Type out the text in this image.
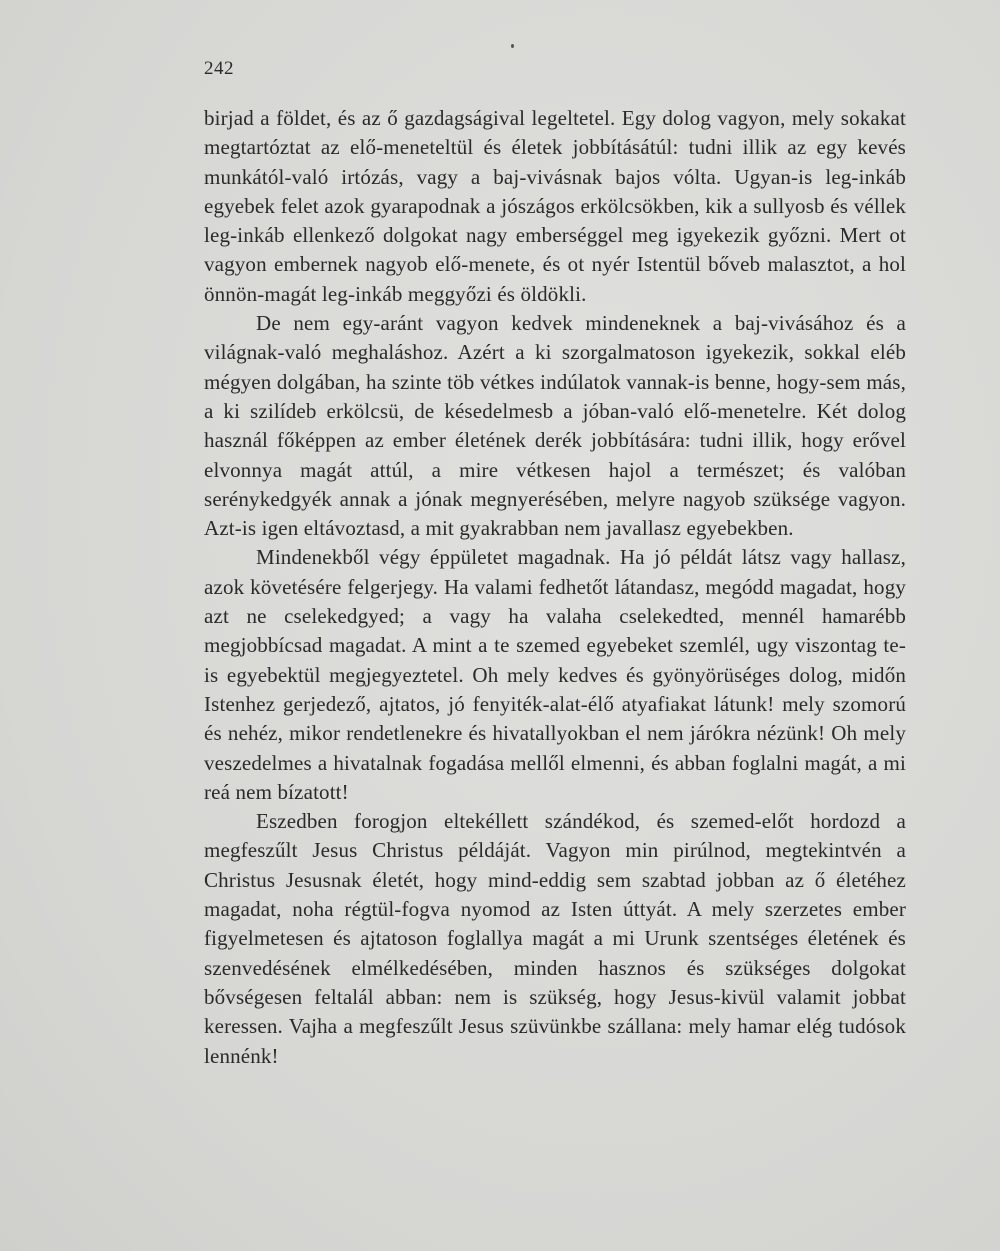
242

birjad a földet, és az ő gazdagságival legeltetel. Egy dolog vagyon, mely sokakat megtartóztat az elő-meneteltül és életek jobbításátúl: tudni illik az egy kevés munkától-való irtózás, vagy a baj-vivásnak bajos vólta. Ugyan-is leg-inkáb egyebek felet azok gyarapodnak a jószágos erkölcsökben, kik a sullyosb és véllek leg-inkáb ellenkező dolgokat nagy emberséggel meg igyekezik győzni. Mert ot vagyon embernek nagyob elő-menete, és ot nyér Istentül bőveb malasztot, a hol önnön-magát leg-inkáb meggyőzi és öldökli.

De nem egy-aránt vagyon kedvek mindeneknek a baj-vivásához és a világnak-való meghaláshoz. Azért a ki szorgalmatoson igyekezik, sokkal eléb mégyen dolgában, ha szinte töb vétkes indúlatok vannak-is benne, hogy-sem más, a ki szilídeb erkölcsü, de késedelmesb a jóban-való elő-menetelre. Két dolog használ főképpen az ember életének derék jobbítására: tudni illik, hogy erővel elvonnya magát attúl, a mire vétkesen hajol a természet; és valóban serénykedgyék annak a jónak megnyerésében, melyre nagyob szüksége vagyon. Azt-is igen eltávoztasd, a mit gyakrabban nem javallasz egyebekben.

Mindenekből végy éppületet magadnak. Ha jó példát látsz vagy hallasz, azok követésére felgerjegy. Ha valami fedhetőt látandasz, megódd magadat, hogy azt ne cselekedgyed; a vagy ha valaha cselekedted, mennél hamarébb megjobbícsad magadat. A mint a te szemed egyebeket szemlél, ugy viszontag te-is egyebektül megjegyeztetel. Oh mely kedves és gyönyörüséges dolog, midőn Istenhez gerjedező, ajtatos, jó fenyiték-alat-élő atyafiakat látunk! mely szomorú és nehéz, mikor rendetlenekre és hivatallyokban el nem járókra nézünk! Oh mely veszedelmes a hivatalnak fogadása mellől elmenni, és abban foglalni magát, a mi reá nem bízatott!

Eszedben forogjon eltekéllett szándékod, és szemed-előt hordozd a megfeszűlt Jesus Christus példáját. Vagyon min pirúlnod, megtekintvén a Christus Jesusnak életét, hogy mind-eddig sem szabtad jobban az ő életéhez magadat, noha régtül-fogva nyomod az Isten úttyát. A mely szerzetes ember figyelmetesen és ajtatoson foglallya magát a mi Urunk szentséges életének és szenvedésének elmélkedésében, minden hasznos és szükséges dolgokat bővségesen feltalál abban: nem is szükség, hogy Jesus-kivül valamit jobbat keressen. Vajha a megfeszűlt Jesus szüvünkbe szállana: mely hamar elég tudósok lennénk!
